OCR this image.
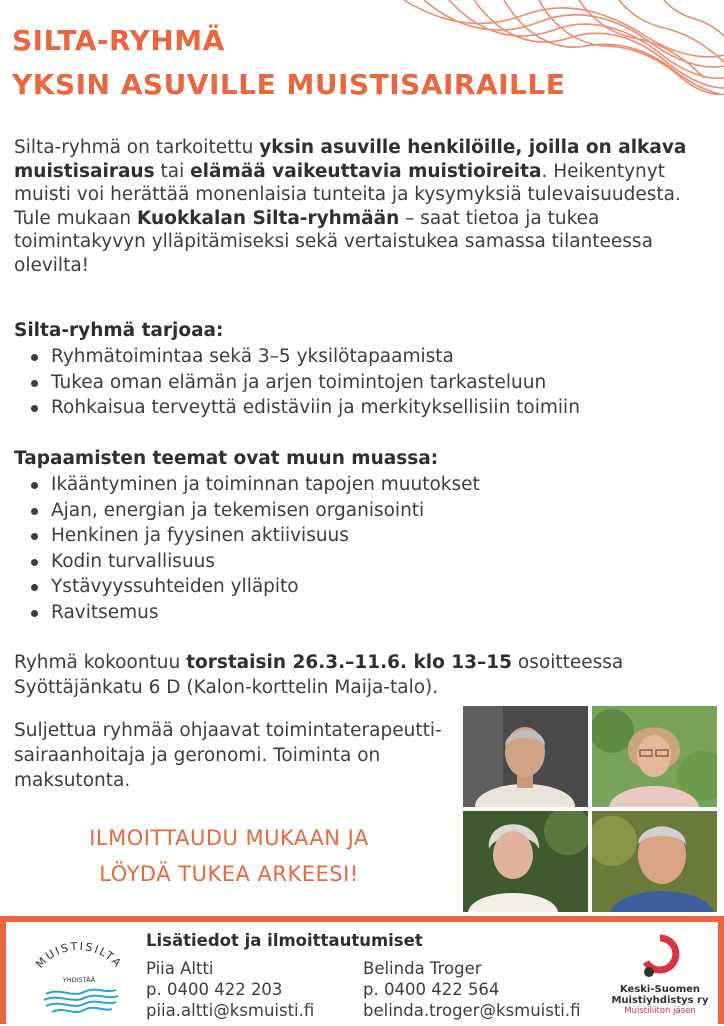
SILTA-RYHMÄ
YKSIN ASUVILLE MUISTISAIRAILLE

Silta-ryhmä on tarkoitettu yksin asuville henkilöille, joilla on alkava muistisairaus tai elämää vaikeuttavia muistioireita. Heikentynyt muisti voi herättää monenlaisia tunteita ja kysymyksiä tulevaisuudesta. Tule mukaan Kuokkalan Silta-ryhmään – saat tietoa ja tukea toimintakyvyn ylläpitämiseksi sekä vertaistukea samassa tilanteessa olevilta!

Silta-ryhmä tarjoaa:
Ryhmätoimintaa sekä 3–5 yksilötapaamista
Tukea oman elämän ja arjen toimintojen tarkasteluun
Rohkaisua terveyttä edistäviin ja merkityksellisiin toimiin
Tapaamisten teemat ovat muun muassa:
Ikääntyminen ja toiminnan tapojen muutokset
Ajan, energian ja tekemisen organisointi
Henkinen ja fyysinen aktiivisuus
Kodin turvallisuus
Ystävyyssuhteiden ylläpito
Ravitsemus

Ryhmä kokoontuu torstaisin 26.3.–11.6. klo 13–15 osoitteessa Syöttäjänkatu 6 D (Kalon-korttelin Maija-talo).

Suljettua ryhmää ohjaavat toimintaterapeutti-sairaanhoitaja ja geronomi. Toiminta on maksutonta.

ILMOITTAUDU MUKAAN JA

LÖYDÄ TUKEA ARKEESI!

MUISTISILTA
YHDISTÄÄ
Lisätiedot ja ilmoittautumiset

Piia Altti
p. 0400 422 203
piia.altti@ksmuisti.fi

Belinda Troger
p. 0400 422 564
belinda.troger@ksmuisti.fi

Keski-Suomen
Muistiyhdistys ry
Muistiliiton jäsen
